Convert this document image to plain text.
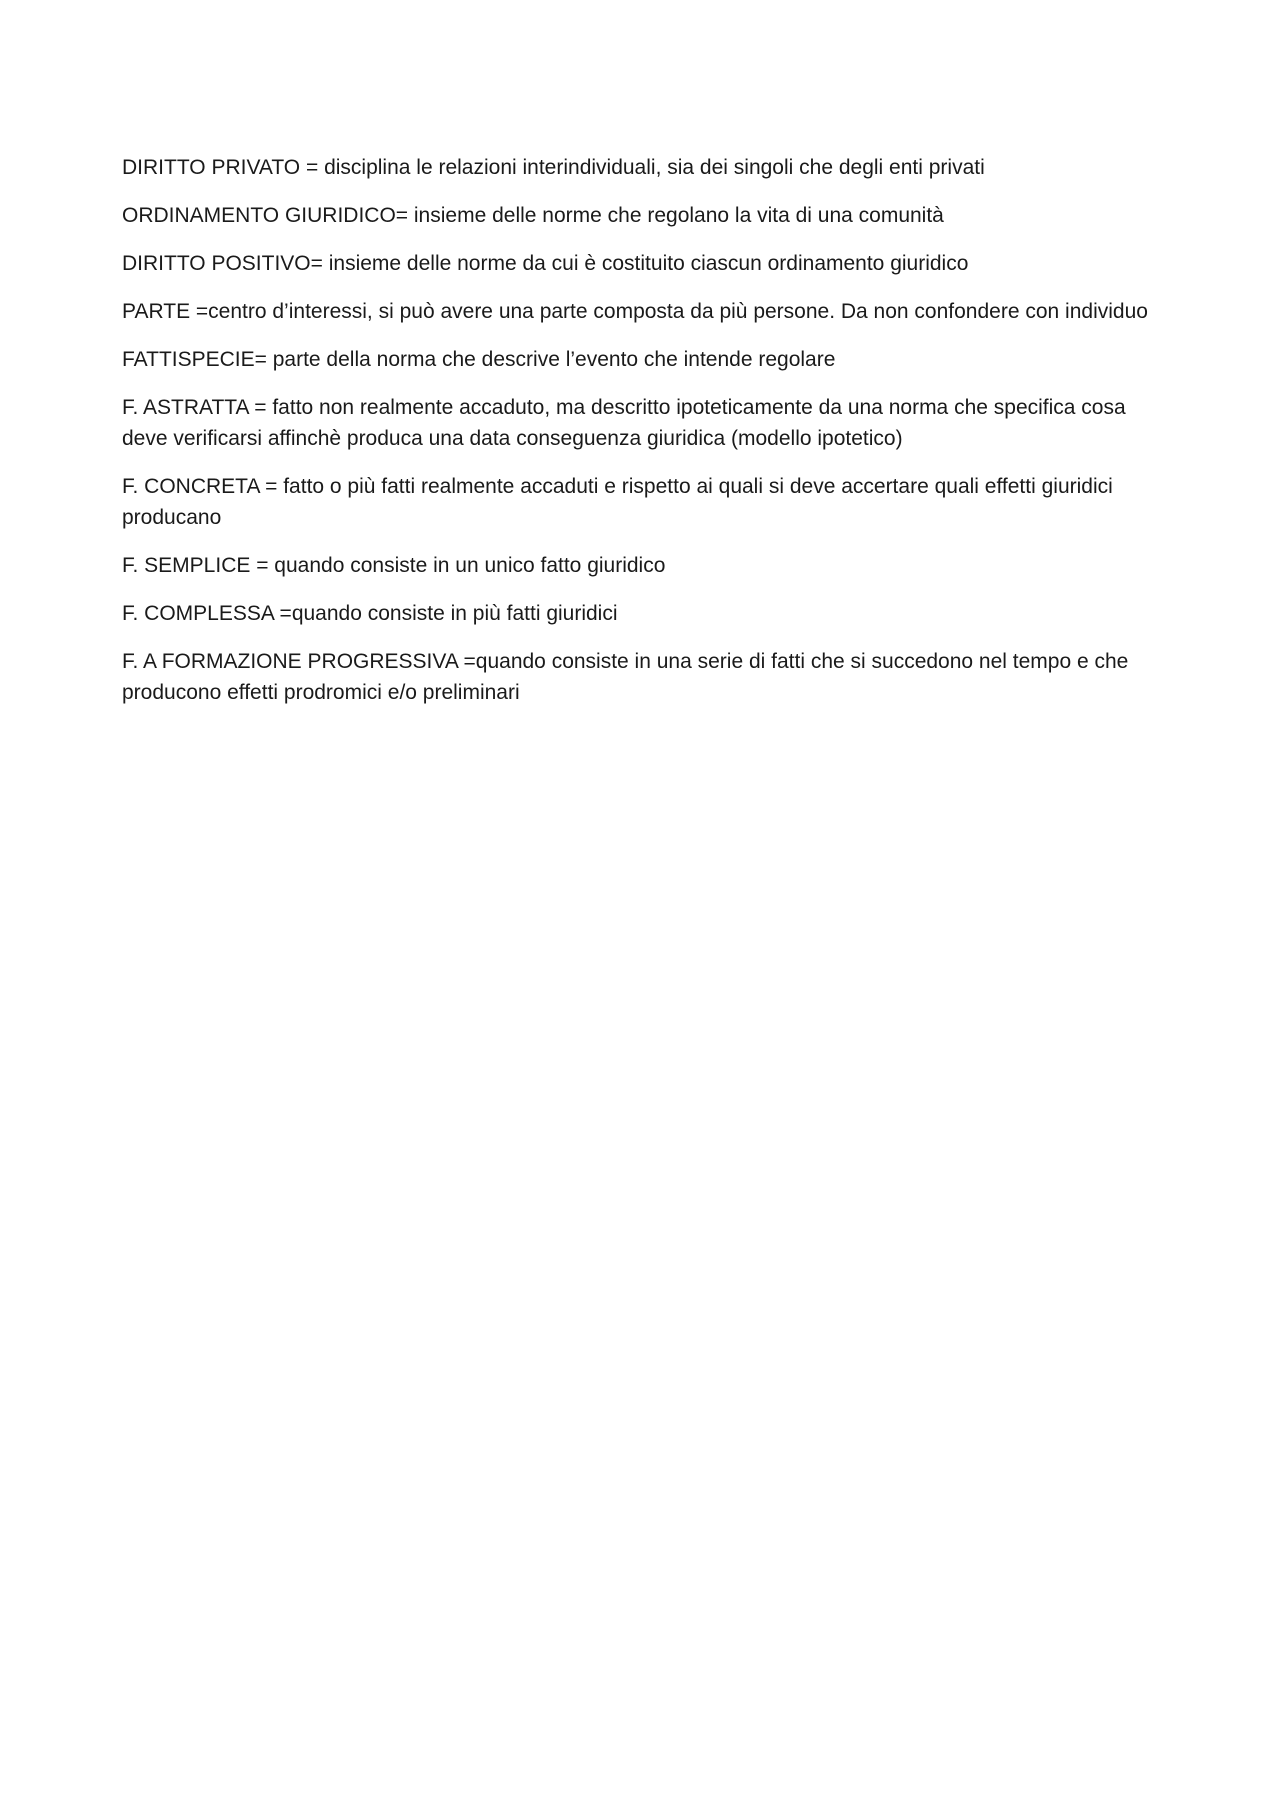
DIRITTO PRIVATO = disciplina le relazioni interindividuali, sia dei singoli che degli enti privati

ORDINAMENTO GIURIDICO= insieme delle norme che regolano la vita di una comunità

DIRITTO POSITIVO= insieme delle norme da cui è costituito ciascun ordinamento giuridico

PARTE =centro d’interessi, si può avere una parte composta da più persone. Da non confondere con individuo

FATTISPECIE= parte della norma che descrive l’evento che intende regolare

F. ASTRATTA = fatto non realmente accaduto, ma descritto ipoteticamente da una norma che specifica cosa deve verificarsi affinchè produca una data conseguenza giuridica (modello ipotetico)

F. CONCRETA = fatto o più fatti realmente accaduti e rispetto ai quali si deve accertare quali effetti giuridici producano

F. SEMPLICE = quando consiste in un unico fatto giuridico

F. COMPLESSA =quando consiste in più fatti giuridici

F. A FORMAZIONE PROGRESSIVA =quando consiste in una serie di fatti che si succedono nel tempo e che producono effetti prodromici e/o preliminari
